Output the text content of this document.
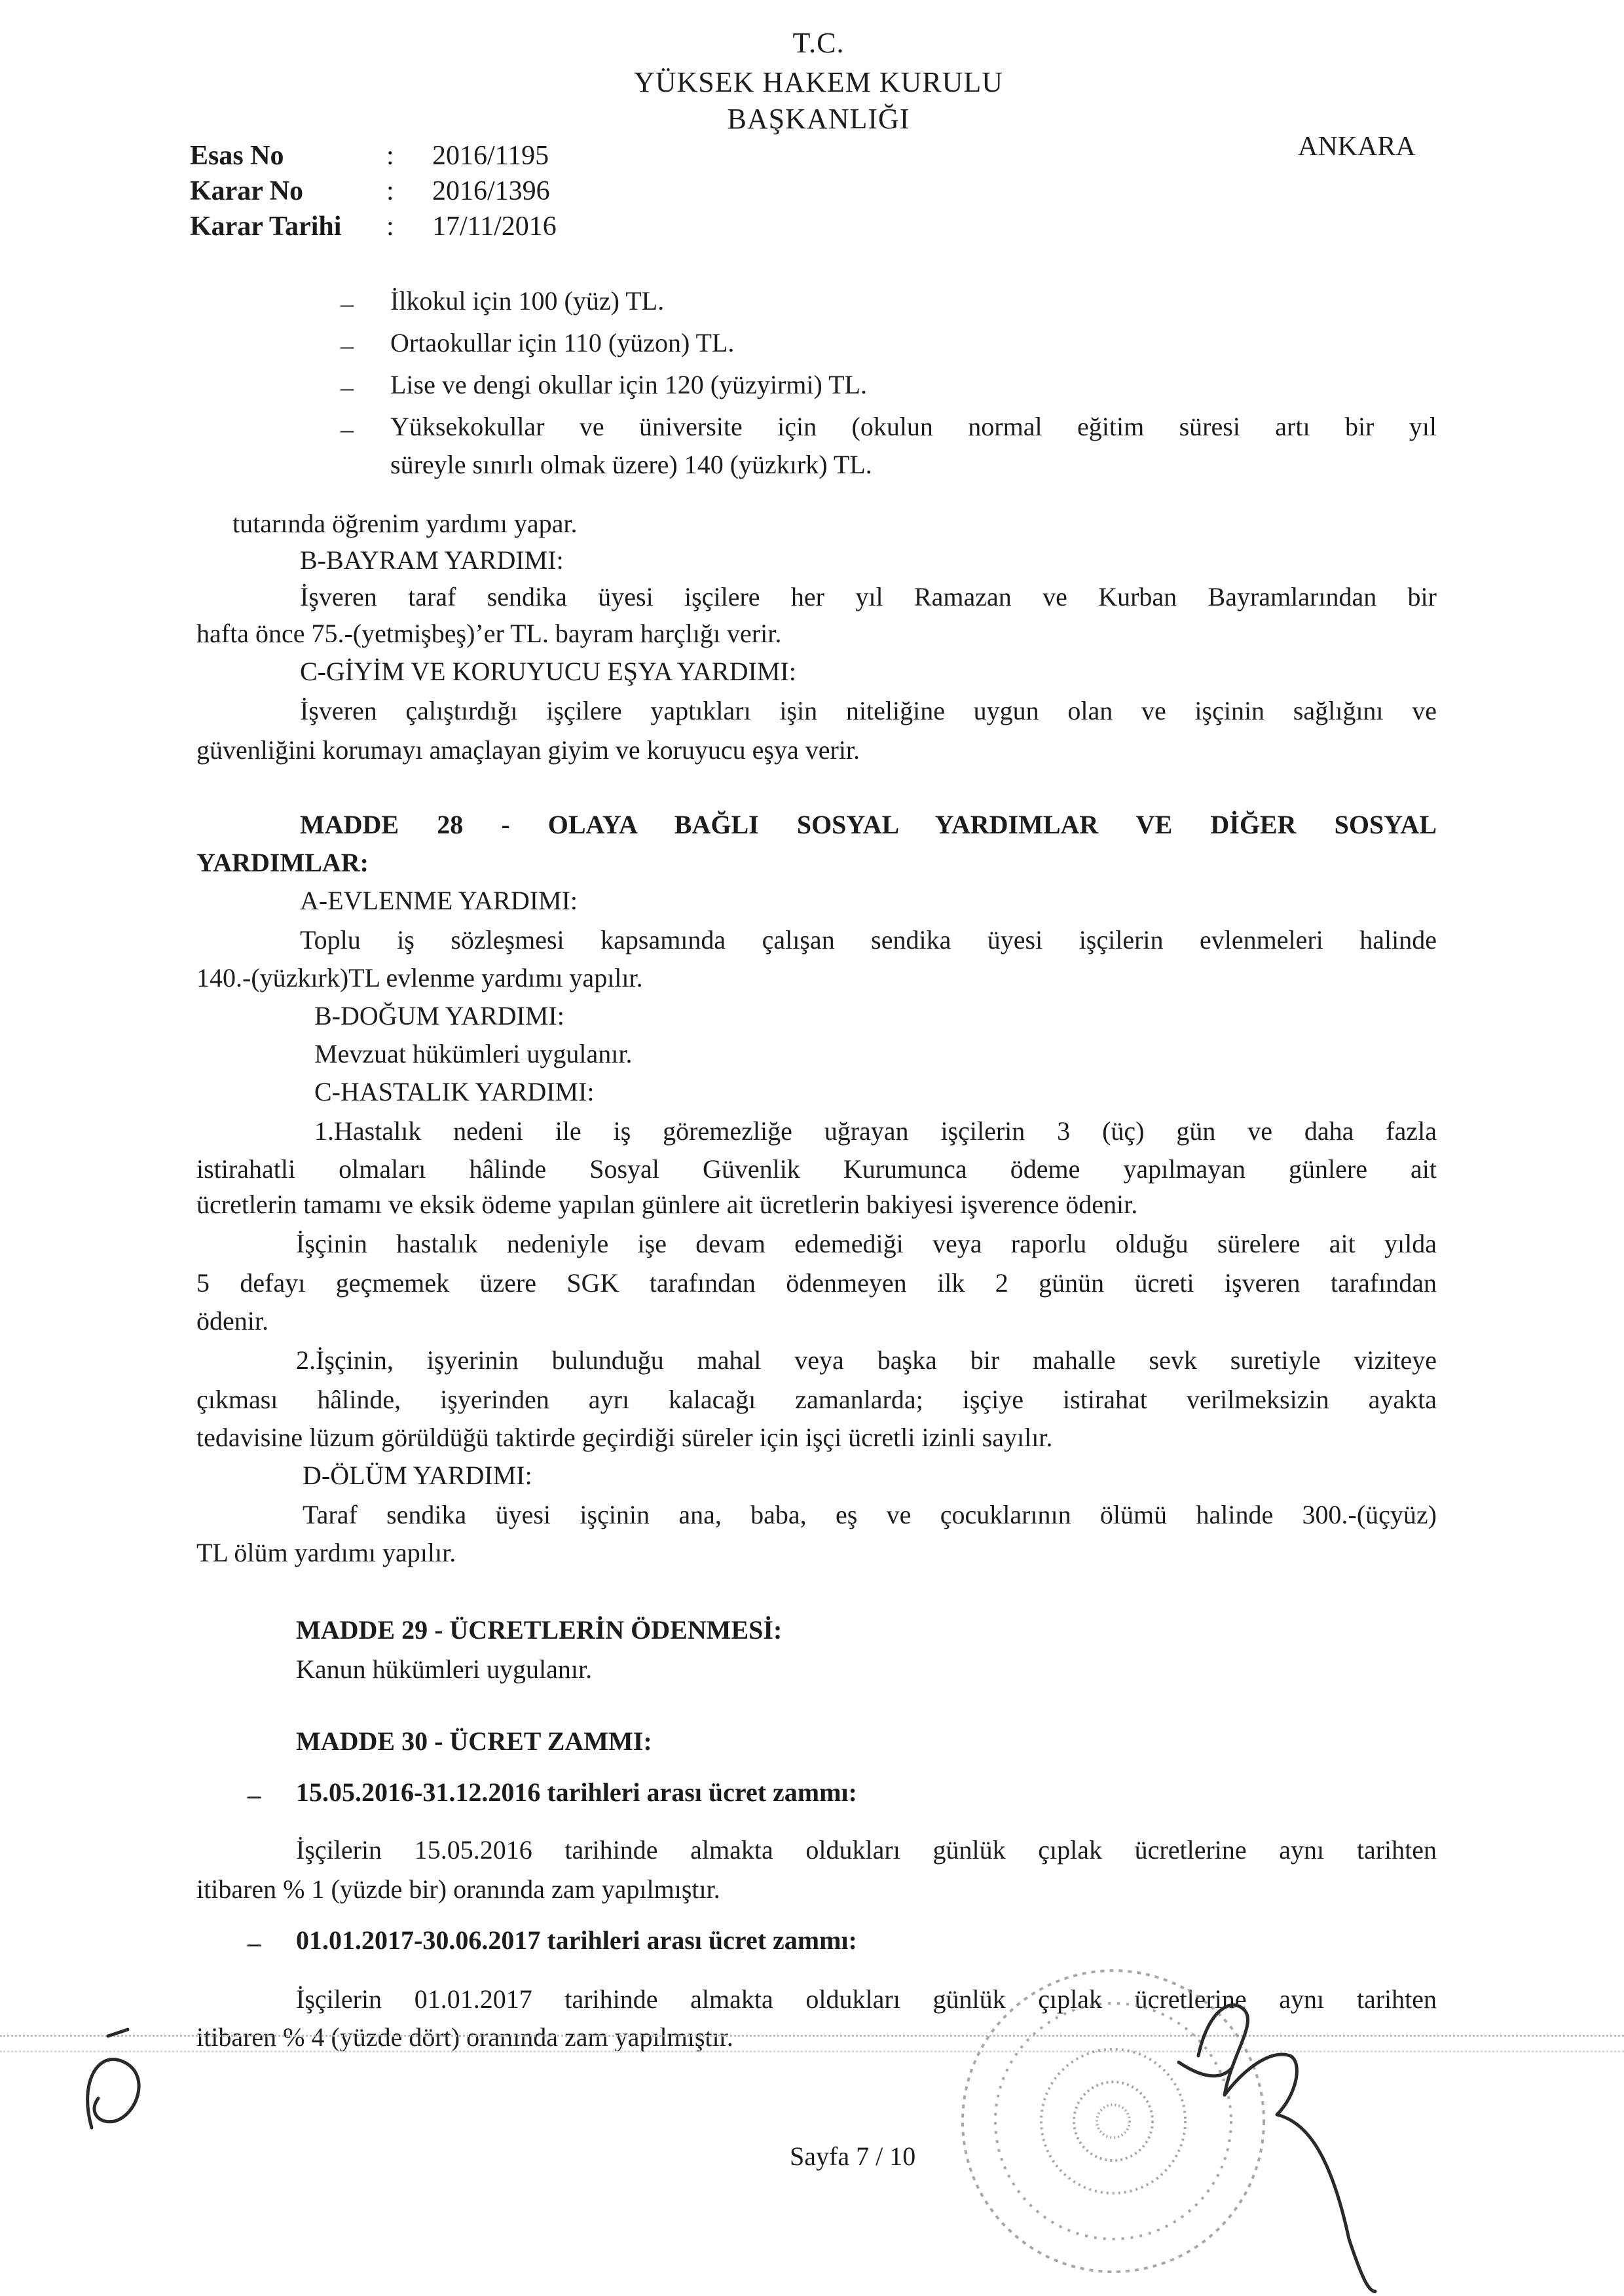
T.C.
YÜKSEK HAKEM KURULU
BAŞKANLIĞI
ANKARA
Esas No	: 2016/1195
Karar No	: 2016/1396
Karar Tarihi : 17/11/2016
– İlkokul için 100 (yüz) TL.
– Ortaokullar için 110 (yüzon) TL.
– Lise ve dengi okullar için 120 (yüzyirmi) TL.
– Yüksekokullar ve üniversite için (okulun normal eğitim süresi artı bir yıl
süreyle sınırlı olmak üzere) 140 (yüzkırk) TL.
tutarında öğrenim yardımı yapar.
B-BAYRAM YARDIMI:
İşveren taraf sendika üyesi işçilere her yıl Ramazan ve Kurban Bayramlarından bir
hafta önce 75.-(yetmişbeş)’er TL. bayram harçlığı verir.
C-GİYİM VE KORUYUCU EŞYA YARDIMI:
İşveren çalıştırdığı işçilere yaptıkları işin niteliğine uygun olan ve işçinin sağlığını ve
güvenliğini korumayı amaçlayan giyim ve koruyucu eşya verir.
MADDE 28 - OLAYA BAĞLI SOSYAL YARDIMLAR VE DİĞER SOSYAL
YARDIMLAR:
A-EVLENME YARDIMI:
Toplu iş sözleşmesi kapsamında çalışan sendika üyesi işçilerin evlenmeleri halinde
140.-(yüzkırk)TL evlenme yardımı yapılır.
B-DOĞUM YARDIMI:
Mevzuat hükümleri uygulanır.
C-HASTALIK YARDIMI:
1.Hastalık nedeni ile iş göremezliğe uğrayan işçilerin 3 (üç) gün ve daha fazla
istirahatli olmaları hâlinde Sosyal Güvenlik Kurumunca ödeme yapılmayan günlere ait
ücretlerin tamamı ve eksik ödeme yapılan günlere ait ücretlerin bakiyesi işverence ödenir.
İşçinin hastalık nedeniyle işe devam edemediği veya raporlu olduğu sürelere ait yılda
5 defayı geçmemek üzere SGK tarafından ödenmeyen ilk 2 günün ücreti işveren tarafından
ödenir.
2.İşçinin, işyerinin bulunduğu mahal veya başka bir mahalle sevk suretiyle viziteye
çıkması hâlinde, işyerinden ayrı kalacağı zamanlarda; işçiye istirahat verilmeksizin ayakta
tedavisine lüzum görüldüğü taktirde geçirdiği süreler için işçi ücretli izinli sayılır.
D-ÖLÜM YARDIMI:
Taraf sendika üyesi işçinin ana, baba, eş ve çocuklarının ölümü halinde 300.-(üçyüz)
TL ölüm yardımı yapılır.
MADDE 29 - ÜCRETLERİN ÖDENMESİ:
Kanun hükümleri uygulanır.
MADDE 30 - ÜCRET ZAMMI:
– 15.05.2016-31.12.2016 tarihleri arası ücret zammı:
İşçilerin 15.05.2016 tarihinde almakta oldukları günlük çıplak ücretlerine aynı tarihten
itibaren % 1 (yüzde bir) oranında zam yapılmıştır.
– 01.01.2017-30.06.2017 tarihleri arası ücret zammı:
İşçilerin 01.01.2017 tarihinde almakta oldukları günlük çıplak ücretlerine aynı tarihten
itibaren % 4 (yüzde dört) oranında zam yapılmıştır.
Sayfa 7 / 10
